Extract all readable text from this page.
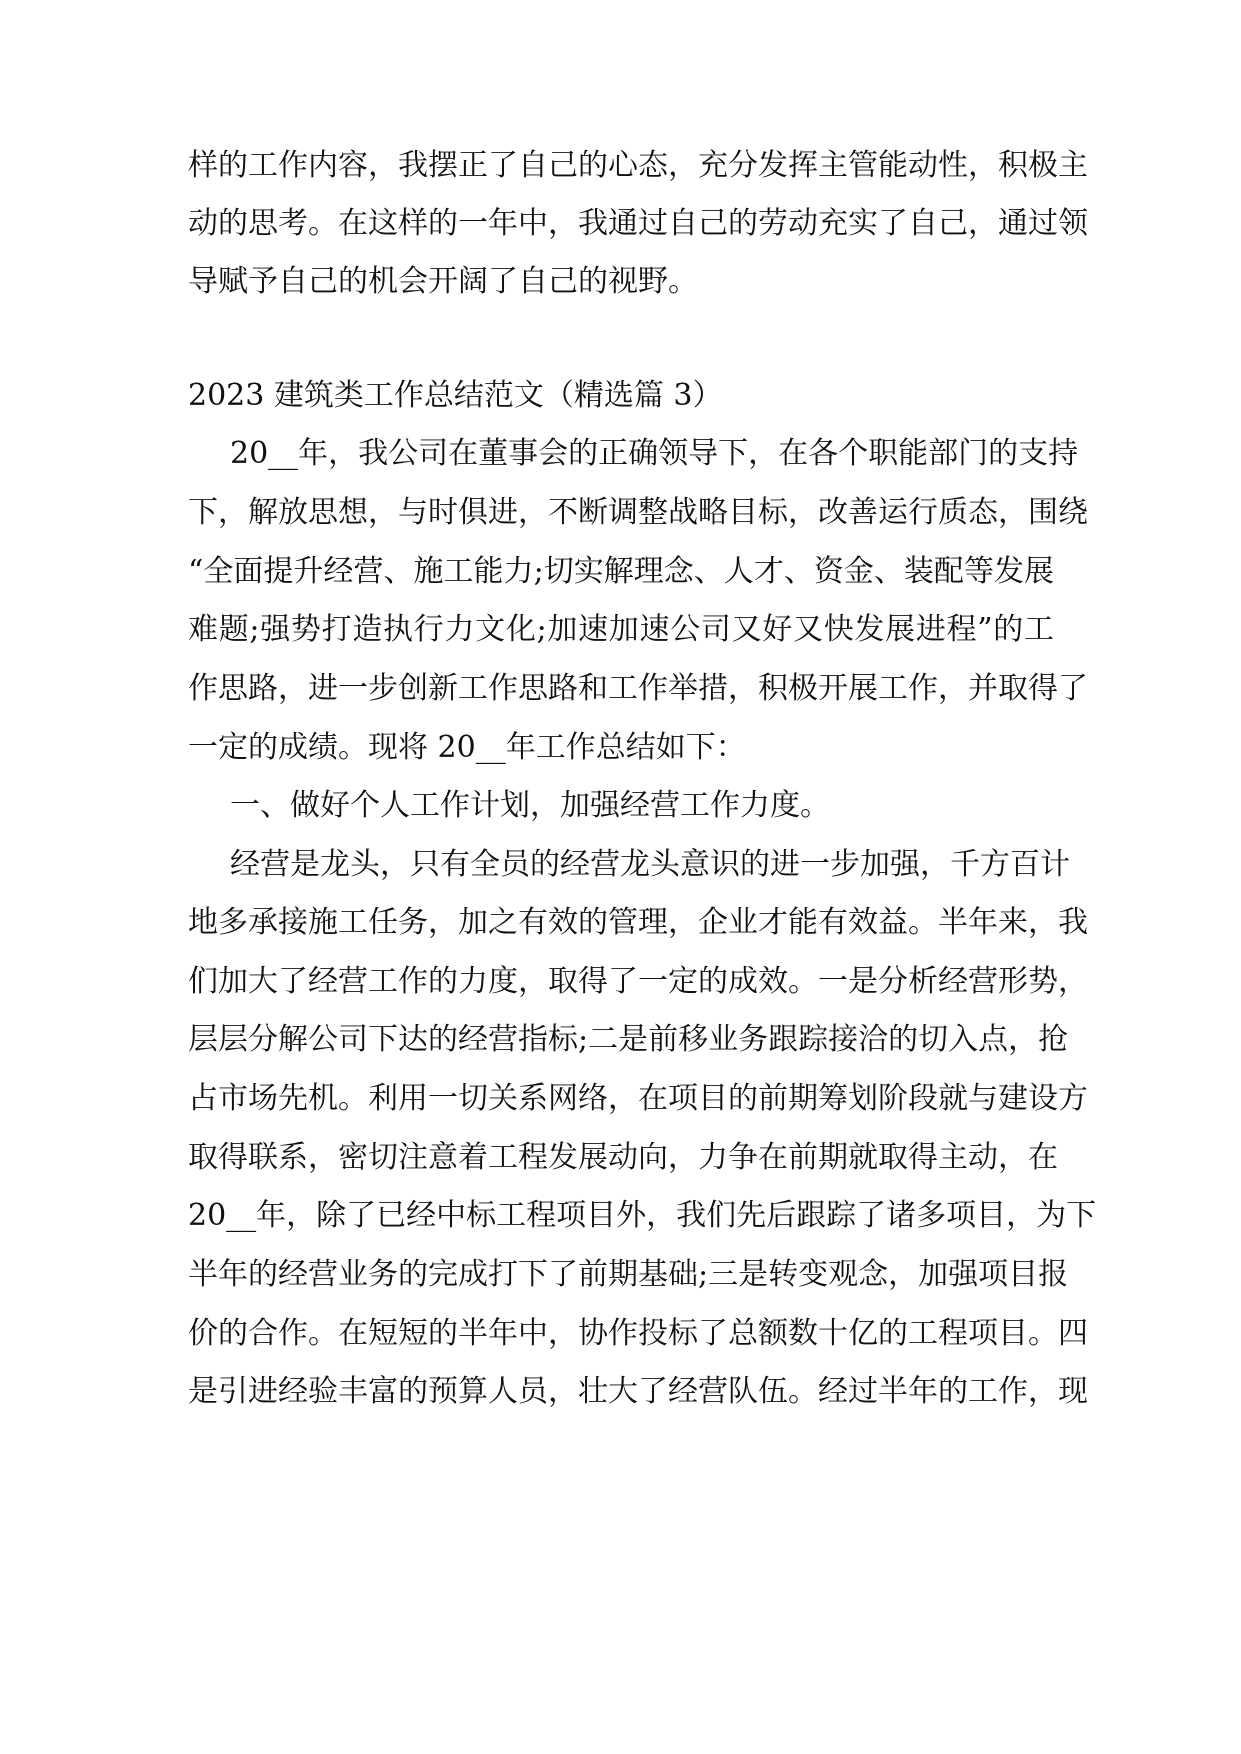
样的工作内容，我摆正了自己的心态，充分发挥主管能动性，积极主
动的思考。在这样的一年中，我通过自己的劳动充实了自己，通过领
导赋予自己的机会开阔了自己的视野。
2023 建筑类工作总结范文（精选篇 3）
20__年，我公司在董事会的正确领导下，在各个职能部门的支持
下，解放思想，与时俱进，不断调整战略目标，改善运行质态，围绕
“全面提升经营、施工能力;切实解理念、人才、资金、装配等发展
难题;强势打造执行力文化;加速加速公司又好又快发展进程”的工
作思路，进一步创新工作思路和工作举措，积极开展工作，并取得了
一定的成绩。现将 20__年工作总结如下：
一、做好个人工作计划，加强经营工作力度。
经营是龙头，只有全员的经营龙头意识的进一步加强，千方百计
地多承接施工任务，加之有效的管理，企业才能有效益。半年来，我
们加大了经营工作的力度，取得了一定的成效。一是分析经营形势，
层层分解公司下达的经营指标;二是前移业务跟踪接洽的切入点，抢
占市场先机。利用一切关系网络，在项目的前期筹划阶段就与建设方
取得联系，密切注意着工程发展动向，力争在前期就取得主动，在
20__年，除了已经中标工程项目外，我们先后跟踪了诸多项目，为下
半年的经营业务的完成打下了前期基础;三是转变观念，加强项目报
价的合作。在短短的半年中，协作投标了总额数十亿的工程项目。四
是引进经验丰富的预算人员，壮大了经营队伍。经过半年的工作，现
